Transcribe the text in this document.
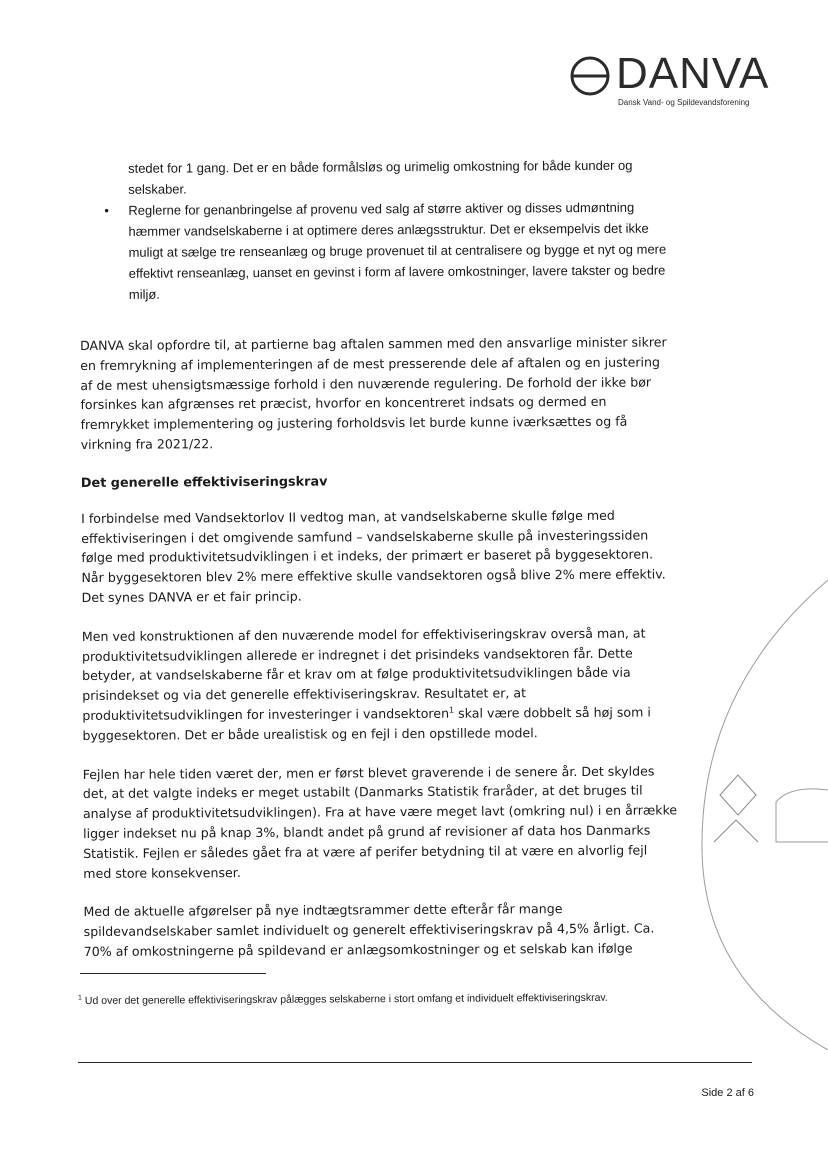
DANVA
Dansk Vand- og Spildevandsforening

stedet for 1 gang. Det er en både formålsløs og urimelig omkostning for både kunder og selskaber.

• Reglerne for genanbringelse af provenu ved salg af større aktiver og disses udmøntning hæmmer vandselskaberne i at optimere deres anlægsstruktur. Det er eksempelvis det ikke muligt at sælge tre renseanlæg og bruge provenuet til at centralisere og bygge et nyt og mere effektivt renseanlæg, uanset en gevinst i form af lavere omkostninger, lavere takster og bedre miljø.

DANVA skal opfordre til, at partierne bag aftalen sammen med den ansvarlige minister sikrer en fremrykning af implementeringen af de mest presserende dele af aftalen og en justering af de mest uhensigtsmæssige forhold i den nuværende regulering. De forhold der ikke bør forsinkes kan afgrænses ret præcist, hvorfor en koncentreret indsats og dermed en fremrykket implementering og justering forholdsvis let burde kunne iværksættes og få virkning fra 2021/22.

Det generelle effektiviseringskrav

I forbindelse med Vandsektorlov II vedtog man, at vandselskaberne skulle følge med effektiviseringen i det omgivende samfund – vandselskaberne skulle på investeringssiden følge med produktivitetsudviklingen i et indeks, der primært er baseret på byggesektoren. Når byggesektoren blev 2% mere effektive skulle vandsektoren også blive 2% mere effektiv. Det synes DANVA er et fair princip.

Men ved konstruktionen af den nuværende model for effektiviseringskrav overså man, at produktivitetsudviklingen allerede er indregnet i det prisindeks vandsektoren får. Dette betyder, at vandselskaberne får et krav om at følge produktivitetsudviklingen både via prisindekset og via det generelle effektiviseringskrav. Resultatet er, at produktivitetsudviklingen for investeringer i vandsektoren$^1$ skal være dobbelt så høj som i byggesektoren. Det er både urealistisk og en fejl i den opstillede model.

Fejlen har hele tiden været der, men er først blevet graverende i de senere år. Det skyldes det, at det valgte indeks er meget ustabilt (Danmarks Statistik fraråder, at det bruges til analyse af produktivitetsudviklingen). Fra at have være meget lavt (omkring nul) i en årrække ligger indekset nu på knap 3%, blandt andet på grund af revisioner af data hos Danmarks Statistik. Fejlen er således gået fra at være af perifer betydning til at være en alvorlig fejl med store konsekvenser.

Med de aktuelle afgørelser på nye indtægtsrammer dette efterår får mange spildevandselskaber samlet individuelt og generelt effektiviseringskrav på 4,5% årligt. Ca. 70% af omkostningerne på spildevand er anlægsomkostninger og et selskab kan ifølge

$^1$ Ud over det generelle effektiviseringskrav pålægges selskaberne i stort omfang et individuelt effektiviseringskrav.
Side 2 af 6
